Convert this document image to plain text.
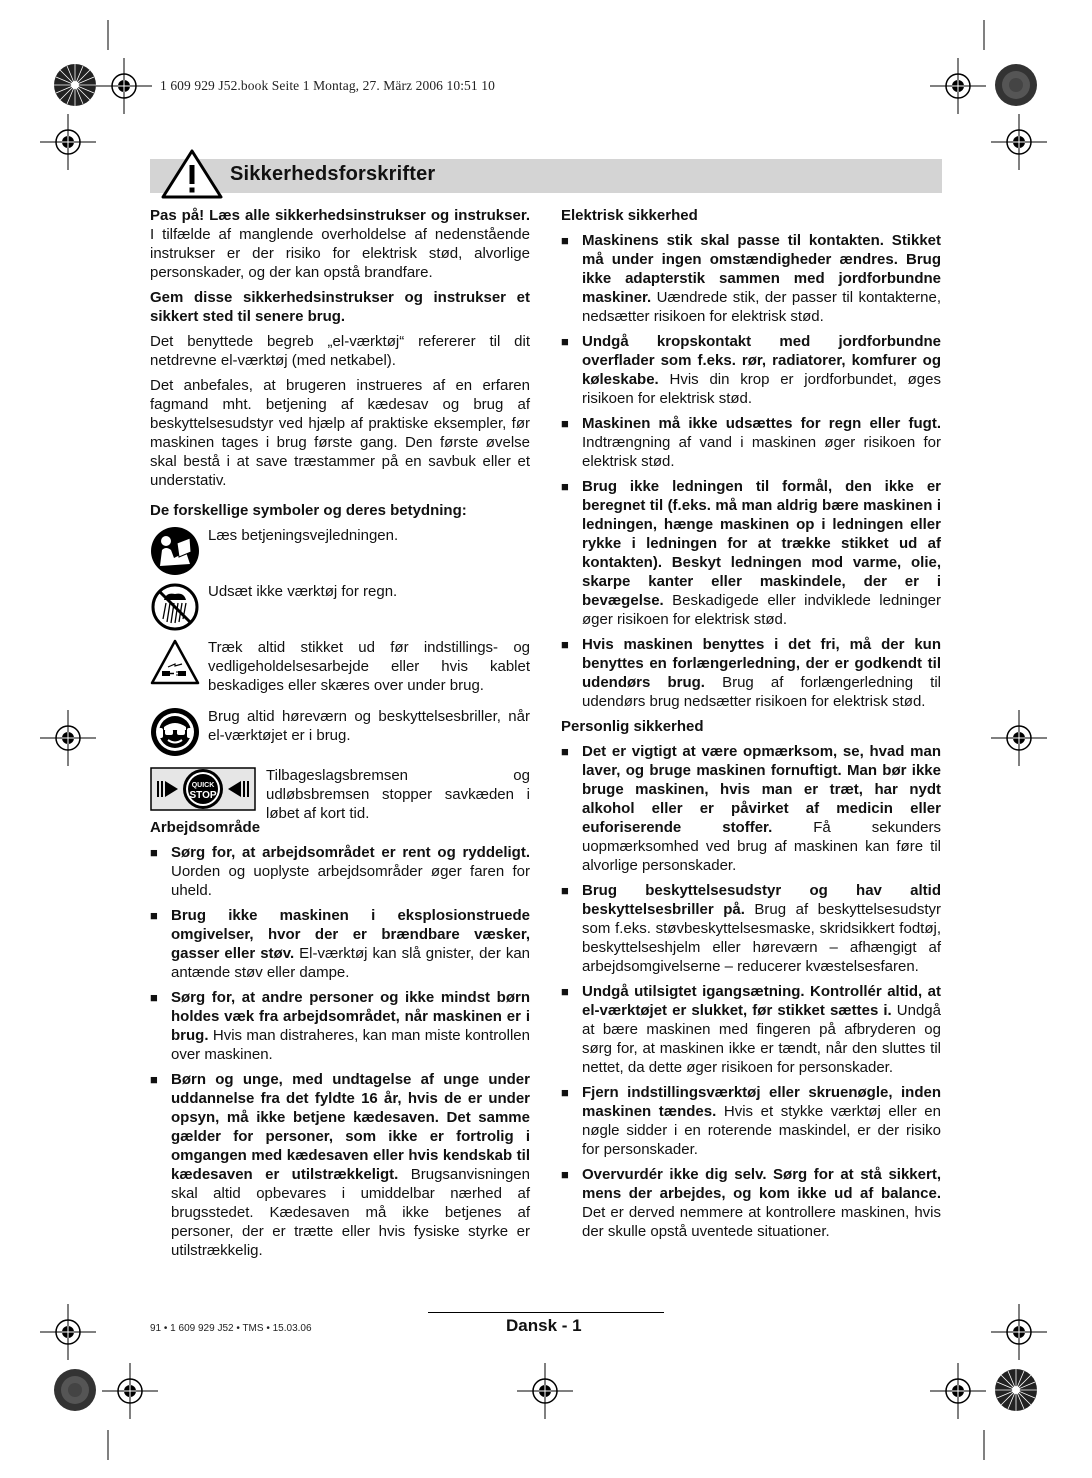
1 609 929 J52.book Seite 1 Montag, 27. März 2006 10:51 10
Sikkerhedsforskrifter

Pas på! Læs alle sikkerhedsinstrukser og instrukser. I tilfælde af manglende overholdelse af nedenstående instrukser er der risiko for elektrisk stød, alvorlige personskader, og der kan opstå brandfare.

Gem disse sikkerhedsinstrukser og instrukser et sikkert sted til senere brug.

Det benyttede begreb „el-værktøj“ refererer til dit netdrevne el-værktøj (med netkabel).

Det anbefales, at brugeren instrueres af en erfaren fagmand mht. betjening af kædesav og brug af beskyttelsesudstyr ved hjælp af praktiske eksempler, før maskinen tages i brug første gang. Den første øvelse skal bestå i at save træstammer på en savbuk eller et understativ.

De forskellige symboler og deres betydning:
Læs betjeningsvejledningen.
Udsæt ikke værktøj for regn.
Træk altid stikket ud før indstillings- og vedligeholdelsesarbejde eller hvis kablet beskadiges eller skæres over under brug.
Brug altid høreværn og beskyttelsesbriller, når el-værktøjet er i brug.
QUICK
STOP
Tilbageslagsbremsen og udløbsbremsen stopper savkæden i løbet af kort tid.
Arbejdsområde
■ Sørg for, at arbejdsområdet er rent og ryddeligt. Uorden og uoplyste arbejdsområder øger faren for uheld.
■ Brug ikke maskinen i eksplosionstruede omgivelser, hvor der er brændbare væsker, gasser eller støv. El-værktøj kan slå gnister, der kan antænde støv eller dampe.
■ Sørg for, at andre personer og ikke mindst børn holdes væk fra arbejdsområdet, når maskinen er i brug. Hvis man distraheres, kan man miste kontrollen over maskinen.
■ Børn og unge, med undtagelse af unge under uddannelse fra det fyldte 16 år, hvis de er under opsyn, må ikke betjene kædesaven. Det samme gælder for personer, som ikke er fortrolig i omgangen med kædesaven eller hvis kendskab til kædesaven er utilstrækkeligt. Brugsanvisningen skal altid opbevares i umiddelbar nærhed af brugsstedet. Kædesaven må ikke betjenes af personer, der er trætte eller hvis fysiske styrke er utilstrækkelig.
Elektrisk sikkerhed
■ Maskinens stik skal passe til kontakten. Stikket må under ingen omstændigheder ændres. Brug ikke adapterstik sammen med jordforbundne maskiner. Uændrede stik, der passer til kontakterne, nedsætter risikoen for elektrisk stød.
■ Undgå kropskontakt med jordforbundne overflader som f.eks. rør, radiatorer, komfurer og køleskabe. Hvis din krop er jordforbundet, øges risikoen for elektrisk stød.
■ Maskinen må ikke udsættes for regn eller fugt. Indtrængning af vand i maskinen øger risikoen for elektrisk stød.
■ Brug ikke ledningen til formål, den ikke er beregnet til (f.eks. må man aldrig bære maskinen i ledningen, hænge maskinen op i ledningen eller rykke i ledningen for at trække stikket ud af kontakten). Beskyt ledningen mod varme, olie, skarpe kanter eller maskindele, der er i bevægelse. Beskadigede eller indviklede ledninger øger risikoen for elektrisk stød.
■ Hvis maskinen benyttes i det fri, må der kun benyttes en forlængerledning, der er godkendt til udendørs brug. Brug af forlængerledning til udendørs brug nedsætter risikoen for elektrisk stød.
Personlig sikkerhed
■ Det er vigtigt at være opmærksom, se, hvad man laver, og bruge maskinen fornuftigt. Man bør ikke bruge maskinen, hvis man er træt, har nydt alkohol eller er påvirket af medicin eller euforiserende stoffer. Få sekunders uopmærksomhed ved brug af maskinen kan føre til alvorlige personskader.
■ Brug beskyttelsesudstyr og hav altid beskyttelsesbriller på. Brug af beskyttelsesudstyr som f.eks. støvbeskyttelsesmaske, skridsikkert fodtøj, beskyttelseshjelm eller høreværn – afhængigt af arbejdsomgivelserne – reducerer kvæstelsesfaren.
■ Undgå utilsigtet igangsætning. Kontrollér altid, at el-værktøjet er slukket, før stikket sættes i. Undgå at bære maskinen med fingeren på afbryderen og sørg for, at maskinen ikke er tændt, når den sluttes til nettet, da dette øger risikoen for personskader.
■ Fjern indstillingsværktøj eller skruenøgle, inden maskinen tændes. Hvis et stykke værktøj eller en nøgle sidder i en roterende maskindel, er der risiko for personskader.
■ Overvurdér ikke dig selv. Sørg for at stå sikkert, mens der arbejdes, og kom ikke ud af balance. Det er derved nemmere at kontrollere maskinen, hvis der skulle opstå uventede situationer.
91 • 1 609 929 J52 • TMS • 15.03.06	Dansk - 1
